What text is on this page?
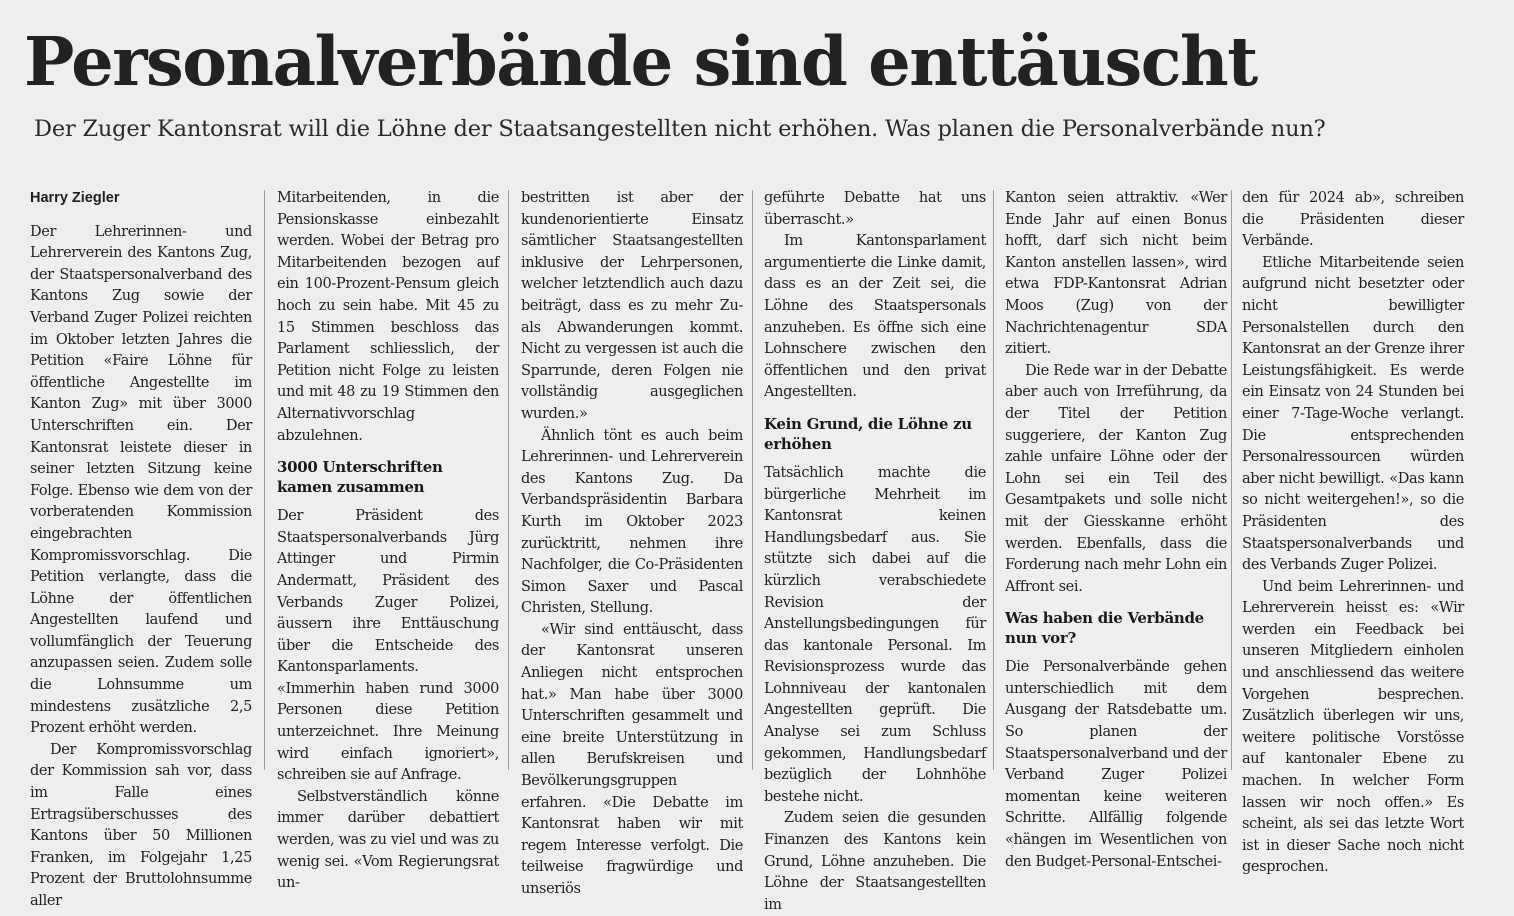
Personalverbände sind enttäuscht

Der Zuger Kantonsrat will die Löhne der Staatsangestellten nicht erhöhen. Was planen die Personalverbände nun?

Harry Ziegler

Der Lehrerinnen- und Lehrerverein des Kantons Zug, der Staatspersonalverband des Kantons Zug sowie der Verband Zuger Polizei reichten im Oktober letzten Jahres die Petition «Faire Löhne für öffentliche Angestellte im Kanton Zug» mit über 3000 Unterschriften ein. Der Kantonsrat leistete dieser in seiner letzten Sitzung keine Folge. Ebenso wie dem von der vorberatenden Kommission eingebrachten Kompromissvorschlag. Die Petition verlangte, dass die Löhne der öffentlichen Angestellten laufend und vollumfänglich der Teuerung anzupassen seien. Zudem solle die Lohnsumme um mindestens zusätzliche 2,5 Prozent erhöht werden.

Der Kompromissvorschlag der Kommission sah vor, dass im Falle eines Ertragsüberschusses des Kantons über 50 Millionen Franken, im Folgejahr 1,25 Prozent der Bruttolohnsumme aller

Mitarbeitenden, in die Pensionskasse einbezahlt werden. Wobei der Betrag pro Mitarbeitenden bezogen auf ein 100-Prozent-Pensum gleich hoch zu sein habe. Mit 45 zu 15 Stimmen beschloss das Parlament schliesslich, der Petition nicht Folge zu leisten und mit 48 zu 19 Stimmen den Alternativvorschlag abzulehnen.

3000 Unterschriften kamen zusammen

Der Präsident des Staatspersonalverbands Jürg Attinger und Pirmin Andermatt, Präsident des Verbands Zuger Polizei, äussern ihre Enttäuschung über die Entscheide des Kantonsparlaments. «Immerhin haben rund 3000 Personen diese Petition unterzeichnet. Ihre Meinung wird einfach ignoriert», schreiben sie auf Anfrage.

Selbstverständlich könne immer darüber debattiert werden, was zu viel und was zu wenig sei. «Vom Regierungsrat un-

bestritten ist aber der kundenorientierte Einsatz sämtlicher Staatsangestellten inklusive der Lehrpersonen, welcher letztendlich auch dazu beiträgt, dass es zu mehr Zu- als Abwanderungen kommt. Nicht zu vergessen ist auch die Sparrunde, deren Folgen nie vollständig ausgeglichen wurden.»

Ähnlich tönt es auch beim Lehrerinnen- und Lehrerverein des Kantons Zug. Da Verbandspräsidentin Barbara Kurth im Oktober 2023 zurücktritt, nehmen ihre Nachfolger, die Co-Präsidenten Simon Saxer und Pascal Christen, Stellung.

«Wir sind enttäuscht, dass der Kantonsrat unseren Anliegen nicht entsprochen hat.» Man habe über 3000 Unterschriften gesammelt und eine breite Unterstützung in allen Berufskreisen und Bevölkerungsgruppen erfahren. «Die Debatte im Kantonsrat haben wir mit regem Interesse verfolgt. Die teilweise fragwürdige und unseriös

geführte Debatte hat uns überrascht.»

Im Kantonsparlament argumentierte die Linke damit, dass es an der Zeit sei, die Löhne des Staatspersonals anzuheben. Es öffne sich eine Lohnschere zwischen den öffentlichen und den privat Angestellten.

Kein Grund, die Löhne zu erhöhen

Tatsächlich machte die bürgerliche Mehrheit im Kantonsrat keinen Handlungsbedarf aus. Sie stützte sich dabei auf die kürzlich verabschiedete Revision der Anstellungsbedingungen für das kantonale Personal. Im Revisionsprozess wurde das Lohnniveau der kantonalen Angestellten geprüft. Die Analyse sei zum Schluss gekommen, Handlungsbedarf bezüglich der Lohnhöhe bestehe nicht.

Zudem seien die gesunden Finanzen des Kantons kein Grund, Löhne anzuheben. Die Löhne der Staatsangestellten im

Kanton seien attraktiv. «Wer Ende Jahr auf einen Bonus hofft, darf sich nicht beim Kanton anstellen lassen», wird etwa FDP-Kantonsrat Adrian Moos (Zug) von der Nachrichtenagentur SDA zitiert.

Die Rede war in der Debatte aber auch von Irreführung, da der Titel der Petition suggeriere, der Kanton Zug zahle unfaire Löhne oder der Lohn sei ein Teil des Gesamtpakets und solle nicht mit der Giesskanne erhöht werden. Ebenfalls, dass die Forderung nach mehr Lohn ein Affront sei.

Was haben die Verbände nun vor?

Die Personalverbände gehen unterschiedlich mit dem Ausgang der Ratsdebatte um. So planen der Staatspersonalverband und der Verband Zuger Polizei momentan keine weiteren Schritte. Allfällig folgende «hängen im Wesentlichen von den Budget-Personal-Entschei-

den für 2024 ab», schreiben die Präsidenten dieser Verbände.

Etliche Mitarbeitende seien aufgrund nicht besetzter oder nicht bewilligter Personalstellen durch den Kantonsrat an der Grenze ihrer Leistungsfähigkeit. Es werde ein Einsatz von 24 Stunden bei einer 7-Tage-Woche verlangt. Die entsprechenden Personalressourcen würden aber nicht bewilligt. «Das kann so nicht weitergehen!», so die Präsidenten des Staatspersonalverbands und des Verbands Zuger Polizei.

Und beim Lehrerinnen- und Lehrerverein heisst es: «Wir werden ein Feedback bei unseren Mitgliedern einholen und anschliessend das weitere Vorgehen besprechen. Zusätzlich überlegen wir uns, weitere politische Vorstösse auf kantonaler Ebene zu machen. In welcher Form lassen wir noch offen.» Es scheint, als sei das letzte Wort ist in dieser Sache noch nicht gesprochen.
